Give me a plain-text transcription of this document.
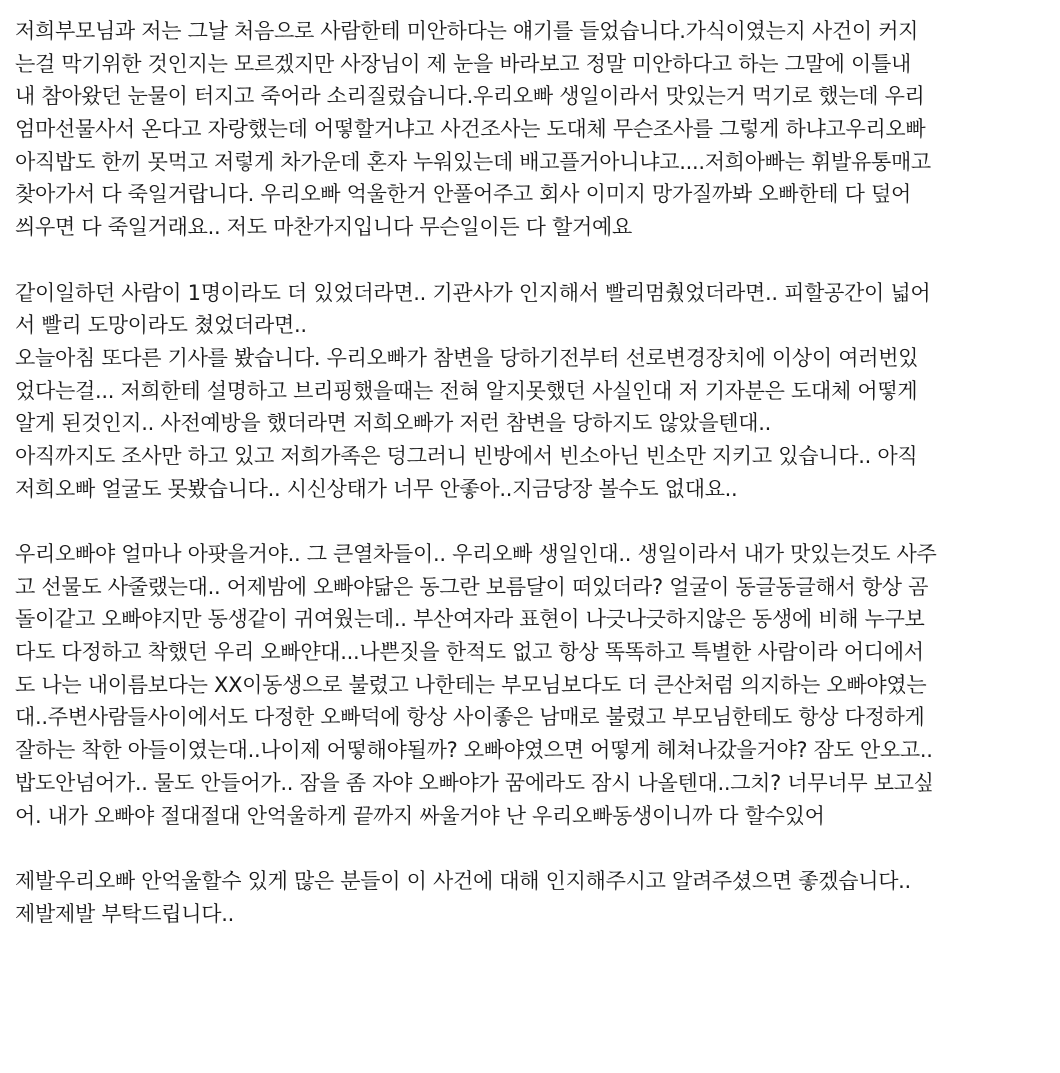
저희부모님과 저는 그날 처음으로 사람한테 미안하다는 얘기를 들었습니다.가식이였는지 사건이 커지
는걸 막기위한 것인지는 모르겠지만 사장님이 제 눈을 바라보고 정말 미안하다고 하는 그말에 이틀내
내 참아왔던 눈물이 터지고 죽어라 소리질렀습니다.우리오빠 생일이라서 맛있는거 먹기로 했는데 우리
엄마선물사서 온다고 자랑했는데 어떻할거냐고 사건조사는 도대체 무슨조사를 그렇게 하냐고우리오빠
아직밥도 한끼 못먹고 저렇게 차가운데 혼자 누워있는데 배고플거아니냐고....저희아빠는 휘발유통매고
찾아가서 다 죽일거랍니다. 우리오빠 억울한거 안풀어주고 회사 이미지 망가질까봐 오빠한테 다 덮어
씌우면 다 죽일거래요.. 저도 마찬가지입니다 무슨일이든 다 할거예요
같이일하던 사람이 1명이라도 더 있었더라면.. 기관사가 인지해서 빨리멈췄었더라면.. 피할공간이 넓어
서 빨리 도망이라도 쳤었더라면..
오늘아침 또다른 기사를 봤습니다. 우리오빠가 참변을 당하기전부터 선로변경장치에 이상이 여러번있
었다는걸... 저희한테 설명하고 브리핑했을때는 전혀 알지못했던 사실인대 저 기자분은 도대체 어떻게
알게 된것인지.. 사전예방을 했더라면 저희오빠가 저런 참변을 당하지도 않았을텐대..
아직까지도 조사만 하고 있고 저희가족은 덩그러니 빈방에서 빈소아닌 빈소만 지키고 있습니다.. 아직
저희오빠 얼굴도 못봤습니다.. 시신상태가 너무 안좋아..지금당장 볼수도 없대요..
우리오빠야 얼마나 아팟을거야.. 그 큰열차들이.. 우리오빠 생일인대.. 생일이라서 내가 맛있는것도 사주
고 선물도 사줄랬는대.. 어제밤에 오빠야닮은 동그란 보름달이 떠있더라? 얼굴이 동글동글해서 항상 곰
돌이같고 오빠야지만 동생같이 귀여웠는데.. 부산여자라 표현이 나긋나긋하지않은 동생에 비해 누구보
다도 다정하고 착했던 우리 오빠얀대...나쁜짓을 한적도 없고 항상 똑똑하고 특별한 사람이라 어디에서
도 나는 내이름보다는 XX이동생으로 불렸고 나한테는 부모님보다도 더 큰산처럼 의지하는 오빠야였는
대..주변사람들사이에서도 다정한 오빠덕에 항상 사이좋은 남매로 불렸고 부모님한테도 항상 다정하게
잘하는 착한 아들이였는대..나이제 어떻해야될까? 오빠야였으면 어떻게 헤쳐나갔을거야? 잠도 안오고..
밥도안넘어가.. 물도 안들어가.. 잠을 좀 자야 오빠야가 꿈에라도 잠시 나올텐대..그치? 너무너무 보고싶
어. 내가 오빠야 절대절대 안억울하게 끝까지 싸울거야 난 우리오빠동생이니까 다 할수있어
제발우리오빠 안억울할수 있게 많은 분들이 이 사건에 대해 인지해주시고 알려주셨으면 좋겠습니다..
제발제발 부탁드립니다..
